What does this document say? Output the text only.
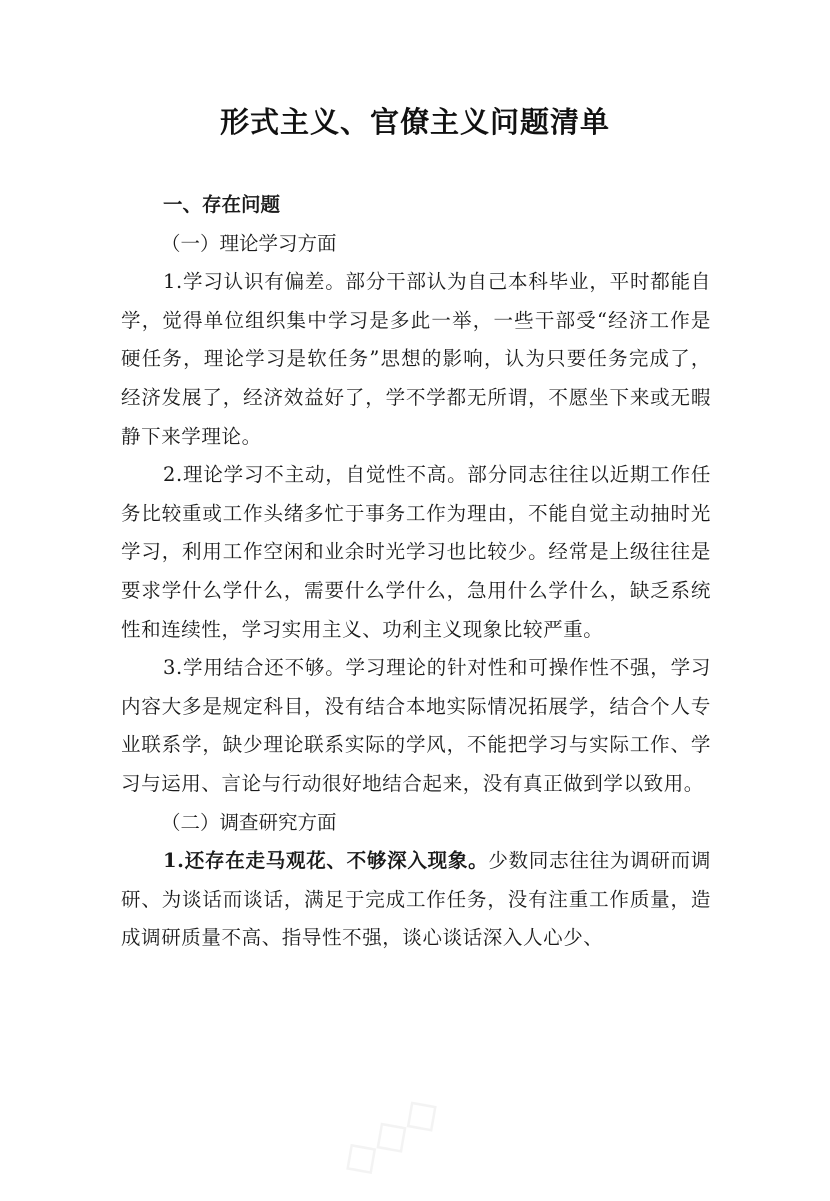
形式主义、官僚主义问题清单

一、存在问题

（一）理论学习方面

1.学习认识有偏差。部分干部认为自己本科毕业，平时都能自学，觉得单位组织集中学习是多此一举，一些干部受“经济工作是硬任务，理论学习是软任务”思想的影响，认为只要任务完成了，经济发展了，经济效益好了，学不学都无所谓，不愿坐下来或无暇静下来学理论。

2.理论学习不主动，自觉性不高。部分同志往往以近期工作任务比较重或工作头绪多忙于事务工作为理由，不能自觉主动抽时光学习，利用工作空闲和业余时光学习也比较少。经常是上级往往是要求学什么学什么，需要什么学什么，急用什么学什么，缺乏系统性和连续性，学习实用主义、功利主义现象比较严重。

3.学用结合还不够。学习理论的针对性和可操作性不强，学习内容大多是规定科目，没有结合本地实际情况拓展学，结合个人专业联系学，缺少理论联系实际的学风，不能把学习与实际工作、学习与运用、言论与行动很好地结合起来，没有真正做到学以致用。

（二）调查研究方面

1.还存在走马观花、不够深入现象。少数同志往往为调研而调研、为谈话而谈话，满足于完成工作任务，没有注重工作质量，造成调研质量不高、指导性不强，谈心谈话深入人心少、

◇◇◇
